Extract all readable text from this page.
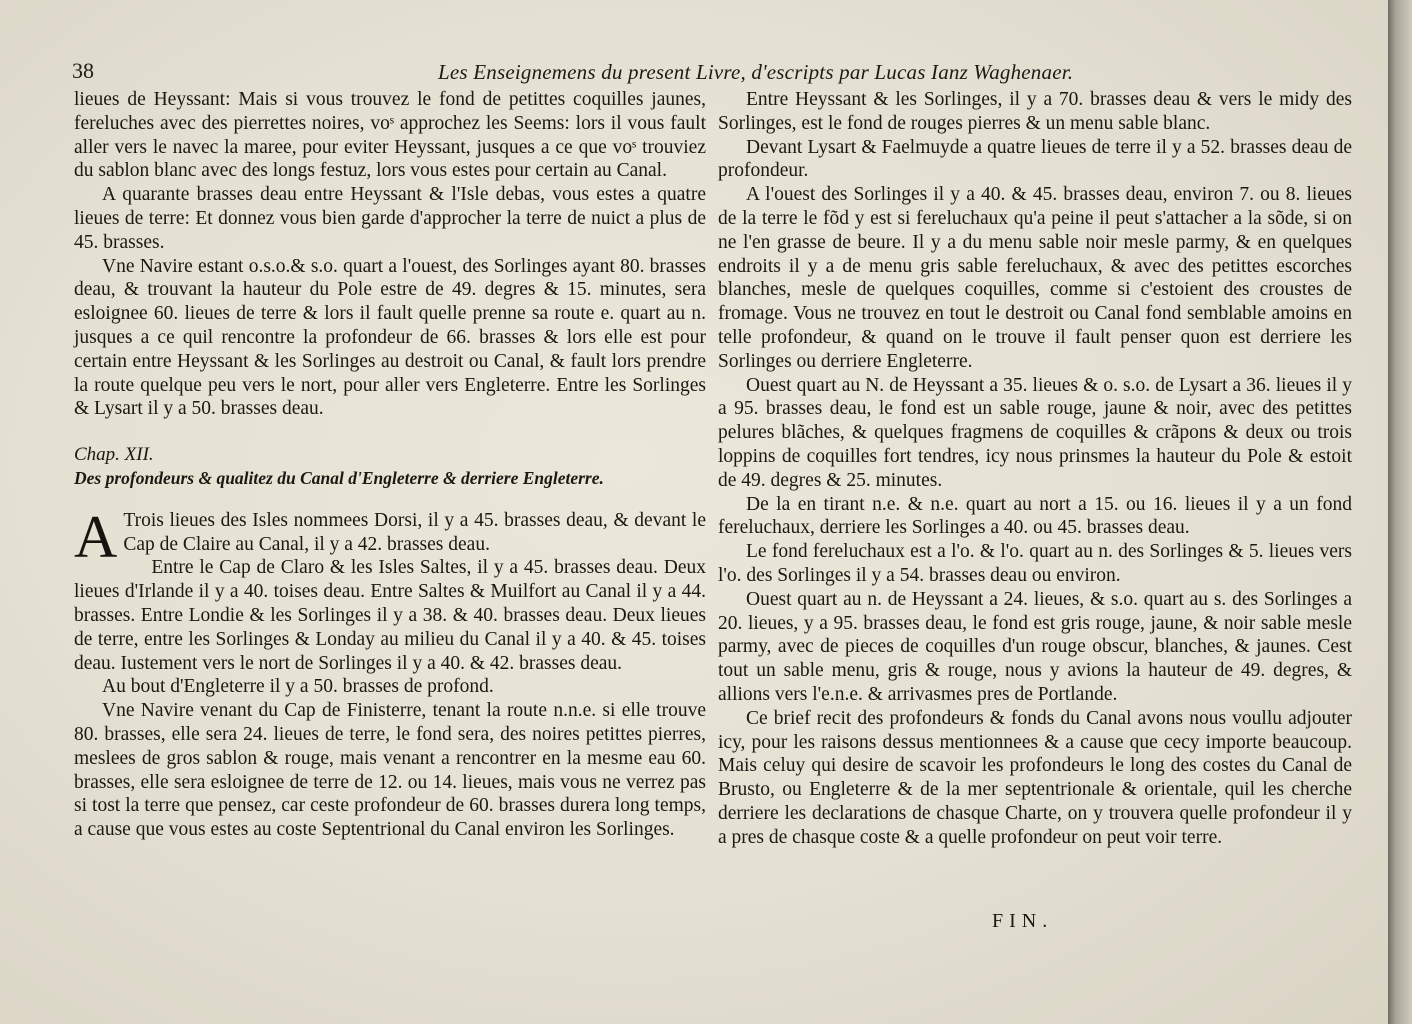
38	Les Enseignemens du present Livre, d'escripts par Lucas Ianz Waghenaer.

lieues de Heyssant: Mais si vous trouvez le fond de petittes coquilles jaunes, fereluches avec des pierrettes noires, voˢ approchez les Seems: lors il vous fault aller vers le navec la maree, pour eviter Heyssant, jusques a ce que voˢ trouviez du sablon blanc avec des longs festuz, lors vous estes pour certain au Canal.

A quarante brasses deau entre Heyssant & l'Isle debas, vous estes a quatre lieues de terre: Et donnez vous bien garde d'approcher la terre de nuict a plus de 45. brasses.

Vne Navire estant o.s.o.& s.o. quart a l'ouest, des Sorlinges ayant 80. brasses deau, & trouvant la hauteur du Pole estre de 49. degres & 15. minutes, sera esloignee 60. lieues de terre & lors il fault quelle prenne sa route e. quart au n. jusques a ce quil rencontre la profondeur de 66. brasses & lors elle est pour certain entre Heyssant & les Sorlinges au destroit ou Canal, & fault lors prendre la route quelque peu vers le nort, pour aller vers Engleterre. Entre les Sorlinges & Lysart il y a 50. brasses deau.

Chap. XII.

Des profondeurs & qualitez du Canal d'Engleterre & derriere Engleterre.

A Trois lieues des Isles nommees Dorsi, il y a 45. brasses deau, & devant le Cap de Claire au Canal, il y a 42. brasses deau.

Entre le Cap de Claro & les Isles Saltes, il y a 45. brasses deau. Deux lieues d'Irlande il y a 40. toises deau. Entre Saltes & Muilfort au Canal il y a 44. brasses. Entre Londie & les Sorlinges il y a 38. & 40. brasses deau. Deux lieues de terre, entre les Sorlinges & Londay au milieu du Canal il y a 40. & 45. toises deau. Iustement vers le nort de Sorlinges il y a 40. & 42. brasses deau.

Au bout d'Engleterre il y a 50. brasses de profond.

Vne Navire venant du Cap de Finisterre, tenant la route n.n.e. si elle trouve 80. brasses, elle sera 24. lieues de terre, le fond sera, des noires petittes pierres, meslees de gros sablon & rouge, mais venant a rencontrer en la mesme eau 60. brasses, elle sera esloignee de terre de 12. ou 14. lieues, mais vous ne verrez pas si tost la terre que pensez, car ceste profondeur de 60. brasses durera long temps, a cause que vous estes au coste Septentrional du Canal environ les Sorlinges.

Entre Heyssant & les Sorlinges, il y a 70. brasses deau & vers le midy des Sorlinges, est le fond de rouges pierres & un menu sable blanc.

Devant Lysart & Faelmuyde a quatre lieues de terre il y a 52. brasses deau de profondeur.

A l'ouest des Sorlinges il y a 40. & 45. brasses deau, environ 7. ou 8. lieues de la terre le fõd y est si fereluchaux qu'a peine il peut s'attacher a la sõde, si on ne l'en grasse de beure. Il y a du menu sable noir mesle parmy, & en quelques endroits il y a de menu gris sable fereluchaux, & avec des petittes escorches blanches, mesle de quelques coquilles, comme si c'estoient des croustes de fromage. Vous ne trouvez en tout le destroit ou Canal fond semblable amoins en telle profondeur, & quand on le trouve il fault penser quon est derriere les Sorlinges ou derriere Engleterre.

Ouest quart au N. de Heyssant a 35. lieues & o. s.o. de Lysart a 36. lieues il y a 95. brasses deau, le fond est un sable rouge, jaune & noir, avec des petittes pelures blãches, & quelques fragmens de coquilles & crãpons & deux ou trois loppins de coquilles fort tendres, icy nous prinsmes la hauteur du Pole & estoit de 49. degres & 25. minutes.

De la en tirant n.e. & n.e. quart au nort a 15. ou 16. lieues il y a un fond fereluchaux, derriere les Sorlinges a 40. ou 45. brasses deau.

Le fond fereluchaux est a l'o. & l'o. quart au n. des Sorlinges & 5. lieues vers l'o. des Sorlinges il y a 54. brasses deau ou environ.

Ouest quart au n. de Heyssant a 24. lieues, & s.o. quart au s. des Sorlinges a 20. lieues, y a 95. brasses deau, le fond est gris rouge, jaune, & noir sable mesle parmy, avec de pieces de coquilles d'un rouge obscur, blanches, & jaunes. Cest tout un sable menu, gris & rouge, nous y avions la hauteur de 49. degres, & allions vers l'e.n.e. & arrivasmes pres de Portlande.

Ce brief recit des profondeurs & fonds du Canal avons nous voullu adjouter icy, pour les raisons dessus mentionnees & a cause que cecy importe beaucoup. Mais celuy qui desire de scavoir les profondeurs le long des costes du Canal de Brusto, ou Engleterre & de la mer septentrionale & orientale, quil les cherche derriere les declarations de chasque Charte, on y trouvera quelle profondeur il y a pres de chasque coste & a quelle profondeur on peut voir terre.

FIN.
